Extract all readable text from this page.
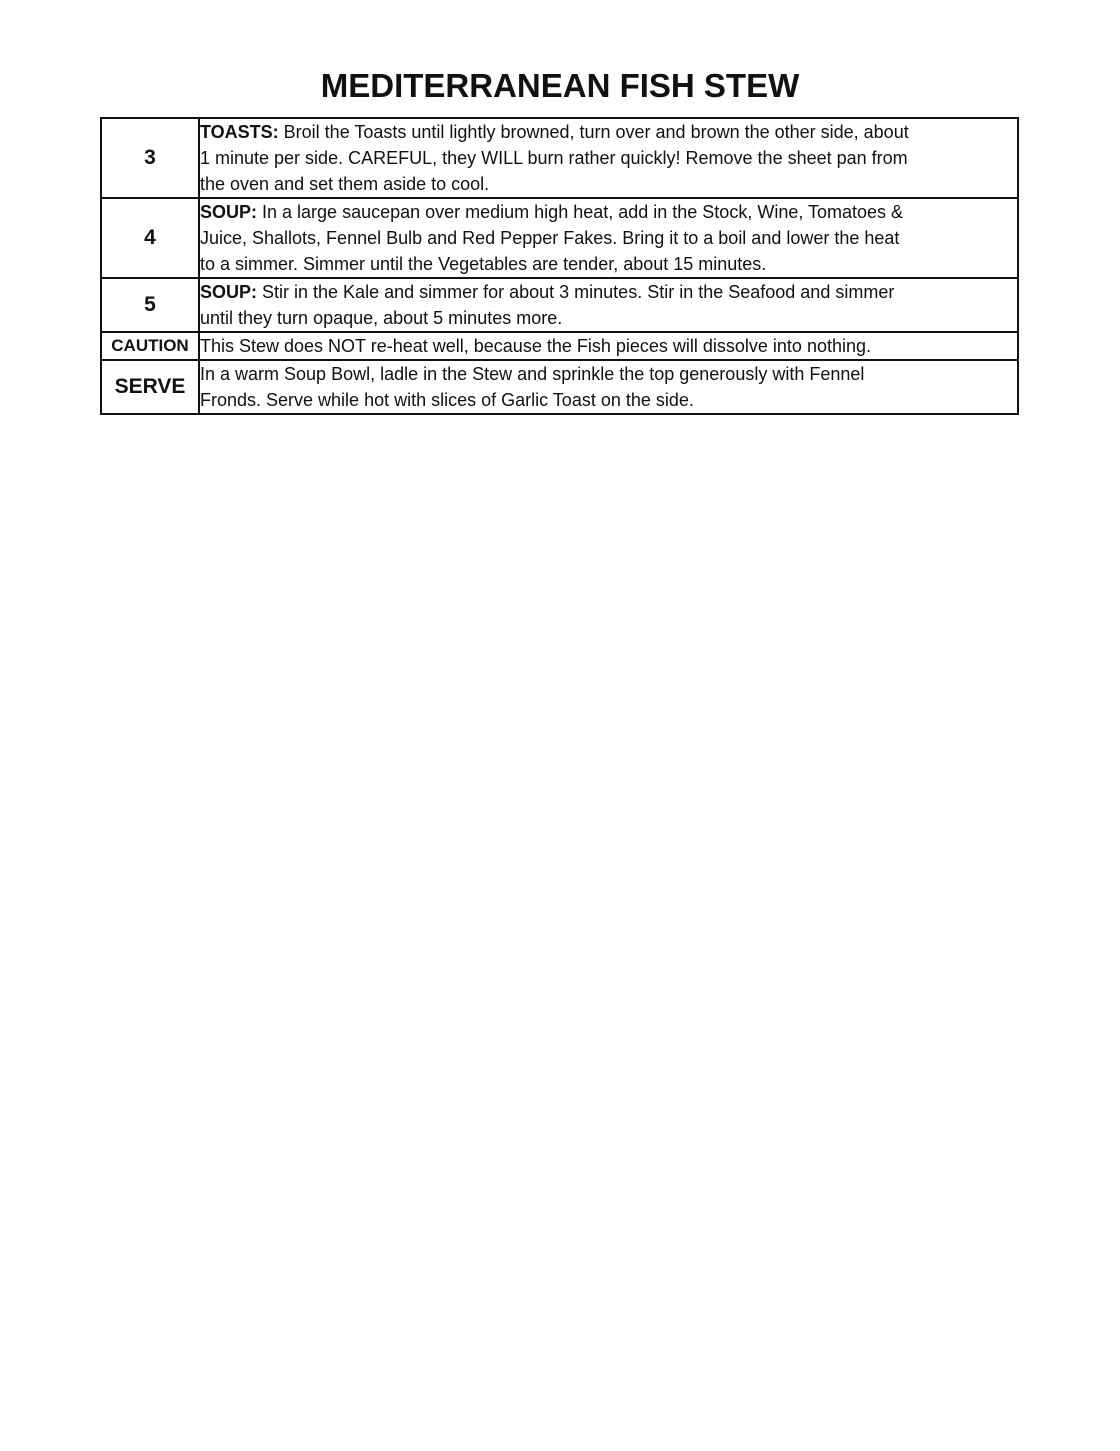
MEDITERRANEAN FISH STEW
3	TOASTS: Broil the Toasts until lightly browned, turn over and brown the other side, about
1 minute per side. CAREFUL, they WILL burn rather quickly! Remove the sheet pan from
the oven and set them aside to cool.

4	SOUP: In a large saucepan over medium high heat, add in the Stock, Wine, Tomatoes &
Juice, Shallots, Fennel Bulb and Red Pepper Fakes. Bring it to a boil and lower the heat
to a simmer. Simmer until the Vegetables are tender, about 15 minutes.

5	SOUP: Stir in the Kale and simmer for about 3 minutes. Stir in the Seafood and simmer
until they turn opaque, about 5 minutes more.

CAUTION	This Stew does NOT re-heat well, because the Fish pieces will dissolve into nothing.

SERVE	In a warm Soup Bowl, ladle in the Stew and sprinkle the top generously with Fennel
Fronds. Serve while hot with slices of Garlic Toast on the side.
